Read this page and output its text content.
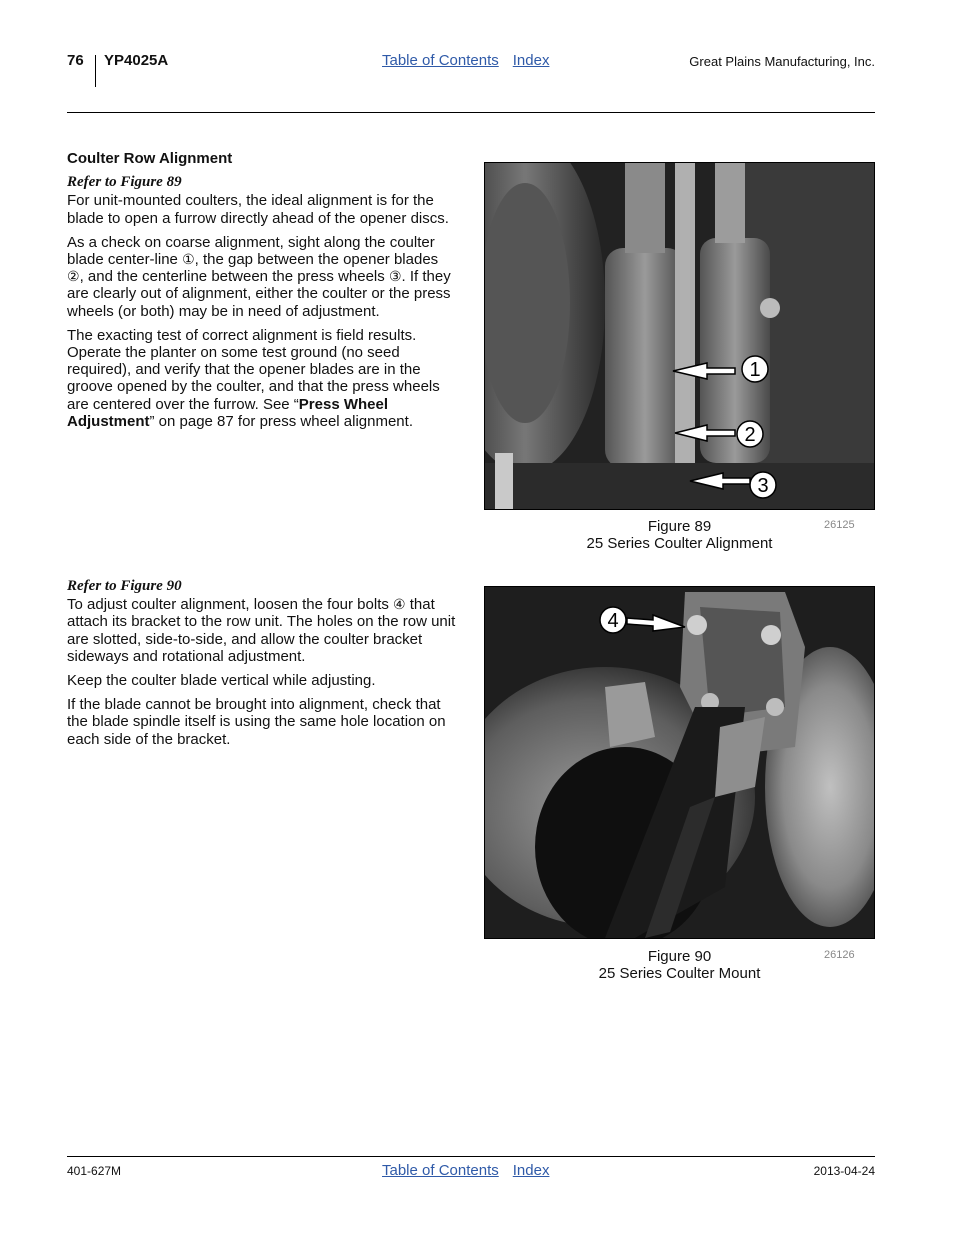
76 YP4025A	Table of Contents Index	Great Plains Manufacturing, Inc.
Coulter Row Alignment
Refer to Figure 89

For unit-mounted coulters, the ideal alignment is for the blade to open a furrow directly ahead of the opener discs.

As a check on coarse alignment, sight along the coulter blade center-line ①, the gap between the opener blades ②, and the centerline between the press wheels ③. If they are clearly out of alignment, either the coulter or the press wheels (or both) may be in need of adjustment.

The exacting test of correct alignment is field results. Operate the planter on some test ground (no seed required), and verify that the opener blades are in the groove opened by the coulter, and that the press wheels are centered over the furrow. See “Press Wheel Adjustment” on page 87 for press wheel alignment.

1
2
3
Figure 89
25 Series Coulter Alignment
26125
Refer to Figure 90

To adjust coulter alignment, loosen the four bolts ④ that attach its bracket to the row unit. The holes on the row unit are slotted, side-to-side, and allow the coulter bracket sideways and rotational adjustment.

Keep the coulter blade vertical while adjusting.

If the blade cannot be brought into alignment, check that the blade spindle itself is using the same hole location on each side of the bracket.

4
Figure 90
25 Series Coulter Mount
26126
401-627M	Table of Contents Index	2013-04-24
